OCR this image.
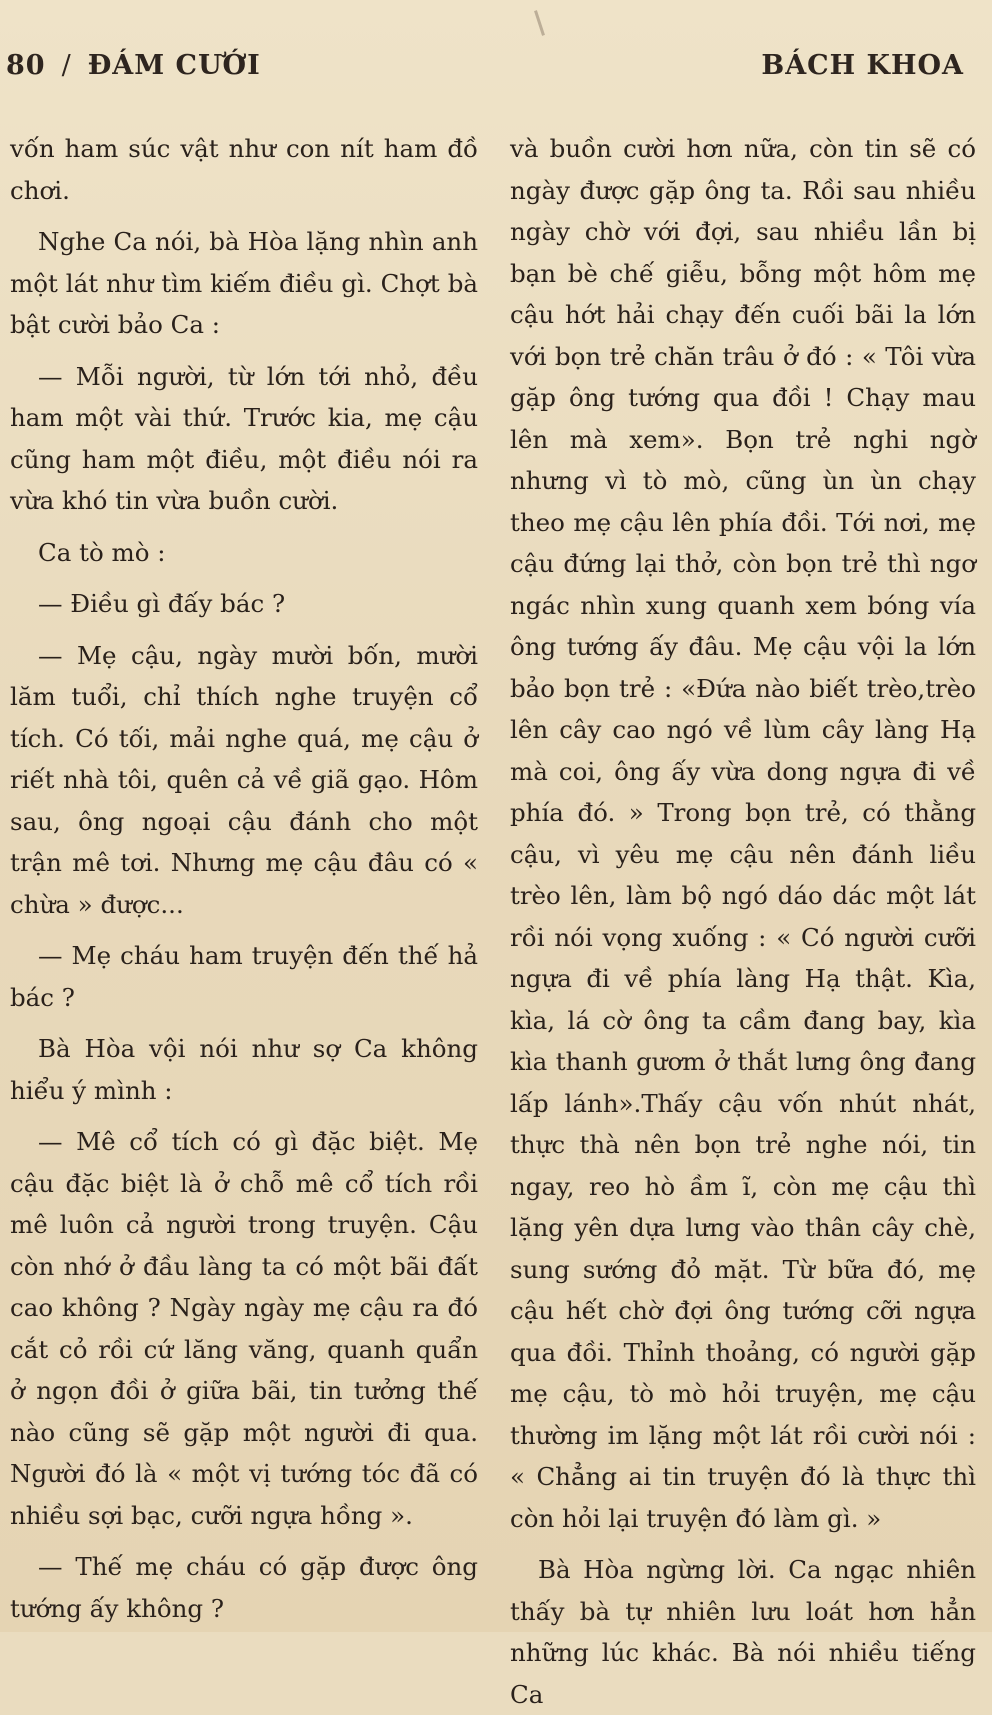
80 / ĐÁM CƯỚI	BÁCH KHOA

vốn ham súc vật như con nít ham đồ chơi.

Nghe Ca nói, bà Hòa lặng nhìn anh một lát như tìm kiếm điều gì. Chợt bà bật cười bảo Ca :

— Mỗi người, từ lớn tới nhỏ, đều ham một vài thứ. Trước kia, mẹ cậu cũng ham một điều, một điều nói ra vừa khó tin vừa buồn cười.

Ca tò mò :

— Điều gì đấy bác ?

— Mẹ cậu, ngày mười bốn, mười lăm tuổi, chỉ thích nghe truyện cổ tích. Có tối, mải nghe quá, mẹ cậu ở riết nhà tôi, quên cả về giã gạo. Hôm sau, ông ngoại cậu đánh cho một trận mê tơi. Nhưng mẹ cậu đâu có « chừa » được...

— Mẹ cháu ham truyện đến thế hả bác ?

Bà Hòa vội nói như sợ Ca không hiểu ý mình :

— Mê cổ tích có gì đặc biệt. Mẹ cậu đặc biệt là ở chỗ mê cổ tích rồi mê luôn cả người trong truyện. Cậu còn nhớ ở đầu làng ta có một bãi đất cao không ? Ngày ngày mẹ cậu ra đó cắt cỏ rồi cứ lăng văng, quanh quẩn ở ngọn đồi ở giữa bãi, tin tưởng thế nào cũng sẽ gặp một người đi qua. Người đó là « một vị tướng tóc đã có nhiều sợi bạc, cưỡi ngựa hồng ».

— Thế mẹ cháu có gặp được ông tướng ấy không ?

và buồn cười hơn nữa, còn tin sẽ có ngày được gặp ông ta. Rồi sau nhiều ngày chờ với đợi, sau nhiều lần bị bạn bè chế giễu, bỗng một hôm mẹ cậu hớt hải chạy đến cuối bãi la lớn với bọn trẻ chăn trâu ở đó : « Tôi vừa gặp ông tướng qua đồi ! Chạy mau lên mà xem». Bọn trẻ nghi ngờ nhưng vì tò mò, cũng ùn ùn chạy theo mẹ cậu lên phía đồi. Tới nơi, mẹ cậu đứng lại thở, còn bọn trẻ thì ngơ ngác nhìn xung quanh xem bóng vía ông tướng ấy đâu. Mẹ cậu vội la lớn bảo bọn trẻ : «Đứa nào biết trèo,trèo lên cây cao ngó về lùm cây làng Hạ mà coi, ông ấy vừa dong ngựa đi về phía đó. » Trong bọn trẻ, có thằng cậu, vì yêu mẹ cậu nên đánh liều trèo lên, làm bộ ngó dáo dác một lát rồi nói vọng xuống : « Có người cưỡi ngựa đi về phía làng Hạ thật. Kìa, kìa, lá cờ ông ta cầm đang bay, kìa kìa thanh gươm ở thắt lưng ông đang lấp lánh».Thấy cậu vốn nhút nhát, thực thà nên bọn trẻ nghe nói, tin ngay, reo hò ầm ĩ, còn mẹ cậu thì lặng yên dựa lưng vào thân cây chè, sung sướng đỏ mặt. Từ bữa đó, mẹ cậu hết chờ đợi ông tướng cỡi ngựa qua đồi. Thỉnh thoảng, có người gặp mẹ cậu, tò mò hỏi truyện, mẹ cậu thường im lặng một lát rồi cười nói : « Chẳng ai tin truyện đó là thực thì còn hỏi lại truyện đó làm gì. »

Bà Hòa ngừng lời. Ca ngạc nhiên thấy bà tự nhiên lưu loát hơn hẳn những lúc khác. Bà nói nhiều tiếng Ca
